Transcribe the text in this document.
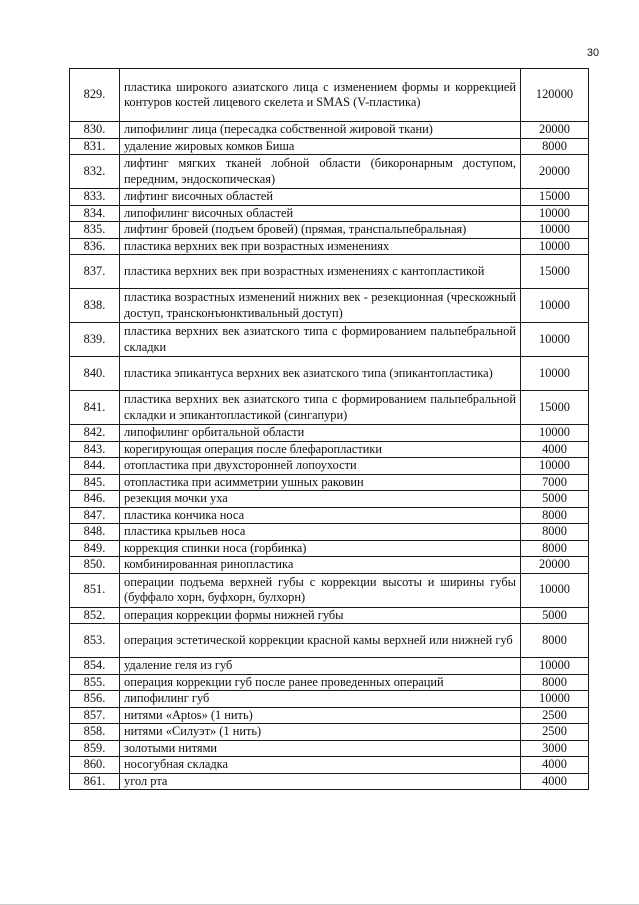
30
829.	пластика широкого азиатского лица с изменением формы и коррекцией контуров костей лицевого скелета и SMAS (V-пластика)	120000
830.	липофилинг лица (пересадка собственной жировой ткани)	20000
831.	удаление жировых комков Биша	8000
832.	лифтинг мягких тканей лобной области (бикоронарным доступом, передним, эндоскопическая)	20000
833.	лифтинг височных областей	15000
834.	липофилинг височных областей	10000
835.	лифтинг бровей (подъем бровей) (прямая, транспальпебральная)	10000
836.	пластика верхних век при возрастных изменениях	10000
837.	пластика верхних век при возрастных изменениях с кантопластикой	15000
838.	пластика возрастных изменений нижних век - резекционная (чрескожный доступ, трансконъюнктивальный доступ)	10000
839.	пластика верхних век азиатского типа с формированием пальпебральной складки	10000
840.	пластика эпикантуса верхних век азиатского типа (эпикантопластика)	10000
841.	пластика верхних век азиатского типа с формированием пальпебральной складки и эпикантопластикой (сингапури)	15000
842.	липофилинг орбитальной области	10000
843.	корегирующая операция после блефаропластики	4000
844.	отопластика при двухсторонней лопоухости	10000
845.	отопластика при асимметрии ушных раковин	7000
846.	резекция мочки уха	5000
847.	пластика кончика носа	8000
848.	пластика крыльев носа	8000
849.	коррекция спинки носа (горбинка)	8000
850.	комбинированная ринопластика	20000
851.	операции подъема верхней губы с коррекции высоты и ширины губы (буффало хорн, буфхорн, булхорн)	10000
852.	операция коррекции формы нижней губы	5000
853.	операция эстетической коррекции красной камы верхней или нижней губ	8000
854.	удаление геля из губ	10000
855.	операция коррекции губ после ранее проведенных операций	8000
856.	липофилинг губ	10000
857.	нитями «Aptos» (1 нить)	2500
858.	нитями «Силуэт» (1 нить)	2500
859.	золотыми нитями	3000
860.	носогубная складка	4000
861.	угол рта	4000
